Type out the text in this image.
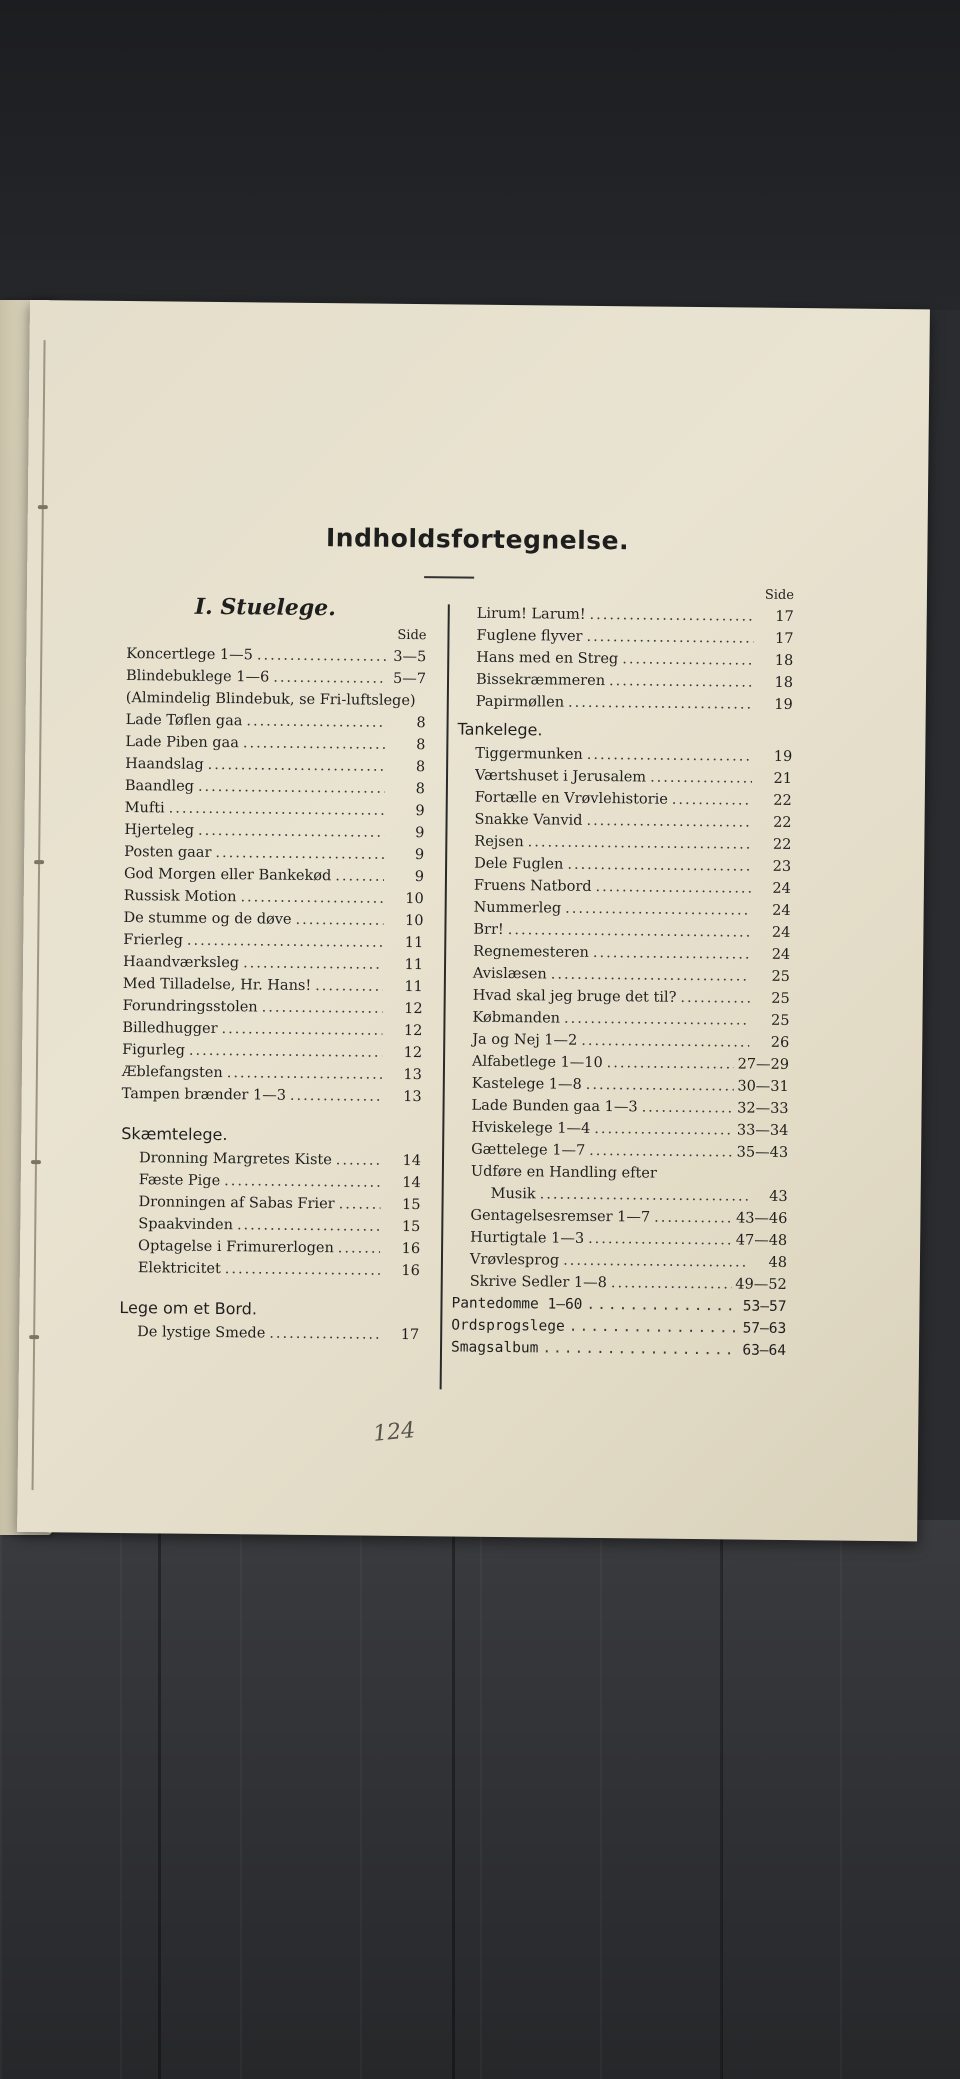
Indholdsfortegnelse.
I. Stuelege.
Side
Koncertlege 1—5 .....	3—5
Blindebuklege 1—6 .....	5—7
(Almindelig Blindebuk, se Fri-luftslege)
Lade Tøflen gaa .....	8
Lade Piben gaa .....	8
Haandslag .....	8
Baandleg .....	8
Mufti .....	9
Hjerteleg .....	9
Posten gaar .....	9
God Morgen eller Bankekød .....	9
Russisk Motion .....	10
De stumme og de døve .....	10
Frierleg .....	11
Haandværksleg .....	11
Med Tilladelse, Hr. Hans! .....	11
Forundringsstolen .....	12
Billedhugger .....	12
Figurleg .....	12
Æblefangsten .....	13
Tampen brænder 1—3 .....	13
Skæmtelege.
Dronning Margretes Kiste .....	14
Fæste Pige .....	14
Dronningen af Sabas Frier .....	15
Spaakvinden .....	15
Optagelse i Frimurerlogen .....	16
Elektricitet .....	16
Lege om et Bord.
De lystige Smede .....	17
Side
Lirum! Larum! .....	17
Fuglene flyver .....	17
Hans med en Streg .....	18
Bissekræmmeren .....	18
Papirmøllen .....	19
Tankelege.
Tiggermunken .....	19
Værtshuset i Jerusalem .....	21
Fortælle en Vrøvlehistorie .....	22
Snakke Vanvid .....	22
Rejsen .....	22
Dele Fuglen .....	23
Fruens Natbord .....	24
Nummerleg .....	24
Brr! .....	24
Regnemesteren .....	24
Avislæsen .....	25
Hvad skal jeg bruge det til? .....	25
Købmanden .....	25
Ja og Nej 1—2 .....	26
Alfabetlege 1—10 .....	27—29
Kastelege 1—8 .....	30—31
Lade Bunden gaa 1—3 .....	32—33
Hviskelege 1—4 .....	33—34
Gættelege 1—7 .....	35—43
Udføre en Handling efter
Musik .....	43
Gentagelsesremser 1—7 .....	43—46
Hurtigtale 1—3 .....	47—48
Vrøvlesprog .....	48
Skrive Sedler 1—8 .....	49—52
Pantedomme 1—60 .....	53—57
Ordsprogslege .....	57—63
Smagsalbum .....	63—64
124
